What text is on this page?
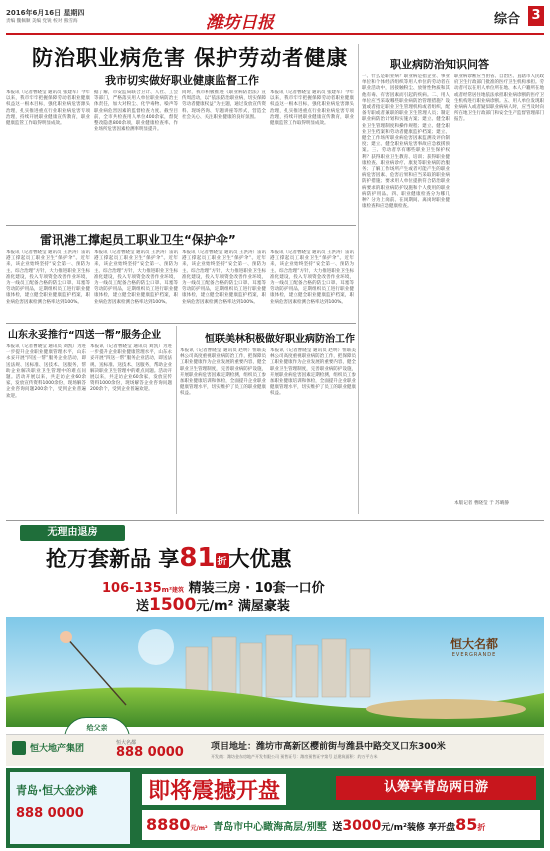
2016年6月16日 星期四
责编 魏佩顺 美编 党锐 校对 熊雪海	潍坊日报	综合 3
防治职业病危害 保护劳动者健康
我市切实做好职业健康监督工作
本报讯（记者曹晓莹 通讯员 张建军）今年以来，我市牢牢把握保障劳动者职业健康权益这一根本目标，强化职业病危害源头治理，扎实推进重点行业职业病危害专项治理，持续开展职业健康宣传教育，职业健康监管工作取得明显成效。
据了解，市安监局联合卫计、人社、工会等部门，严格落实用人单位职业病防治主体责任，加大对粉尘、化学毒物、噪声等职业病危害因素的监督检查力度。截至目前，全市共检查用人单位400余家，督促整改隐患800余项，职业健康检查率、作业场所危害因素检测率明显提升。
同时，我市积极推进《职业病防治法》宣传周活动，以“依法防治职业病，切实保障劳动者健康权益”为主题，通过发放宣传资料、现场咨询、专题讲座等形式，营造全社会关心、关注职业健康的良好氛围。
本报讯（记者曹晓莹 通讯员 张建军）今年以来，我市牢牢把握保障劳动者职业健康权益这一根本目标，强化职业病危害源头治理，扎实推进重点行业职业病危害专项治理，持续开展职业健康宣传教育，职业健康监管工作取得明显成效。
职业病防治知识问答
一、什么是职业病？职业病是指企业、事业单位和个体经济组织等用人单位的劳动者在职业活动中，因接触粉尘、放射性物质和其他有毒、有害因素而引起的疾病。二、用人单位应当采取哪些职业病防治管理措施？设置或者指定职业卫生管理机构或者组织，配备专职或者兼职的职业卫生管理人员；制定职业病防治计划和实施方案；建立、健全职业卫生管理制度和操作规程；建立、健全职业卫生档案和劳动者健康监护档案；建立、健全工作场所职业病危害因素监测及评价制度；建立、健全职业病危害事故应急救援预案。三、劳动者享有哪些职业卫生保护权利？获得职业卫生教育、培训；获得职业健康检查、职业病诊疗、康复等职业病防治服务；了解工作场所产生或者可能产生的职业病危害因素、危害后果和应当采取的职业病防护措施；要求用人单位提供符合防治职业病要求的职业病防护设施和个人使用的职业病防护用品。四、职业健康检查分为哪几种？分为上岗前、在岗期间、离岗时职业健康检查和应急健康检查。
职业病诊断应当由省、自治区、直辖市人民政府卫生行政部门批准的医疗卫生机构承担。劳动者可以在用人单位所在地、本人户籍所在地或者经常居住地依法承担职业病诊断的医疗卫生机构进行职业病诊断。五、用人单位发现职业病病人或者疑似职业病病人时，应当及时向所在地卫生行政部门和安全生产监督管理部门报告。
本版记者 曹晓莹 于 苏晴静
雷讯港工撑起员工职业卫生“保护伞”
本报讯（记者曹晓莹 通讯员 王洪涛）雷讯港工撑起员工职业卫生“保护伞”。近年来，该企业始终坚持“安全第一、预防为主、综合治理”方针，大力推进职业卫生标准化建设，投入专项资金改善作业环境，为一线员工配备合格的防尘口罩、耳塞等劳动防护用品，定期组织员工进行职业健康体检，建立健全职业健康监护档案，职业病危害因素检测合格率达到100%。
本报讯（记者曹晓莹 通讯员 王洪涛）雷讯港工撑起员工职业卫生“保护伞”。近年来，该企业始终坚持“安全第一、预防为主、综合治理”方针，大力推进职业卫生标准化建设，投入专项资金改善作业环境，为一线员工配备合格的防尘口罩、耳塞等劳动防护用品，定期组织员工进行职业健康体检，建立健全职业健康监护档案，职业病危害因素检测合格率达到100%。
本报讯（记者曹晓莹 通讯员 王洪涛）雷讯港工撑起员工职业卫生“保护伞”。近年来，该企业始终坚持“安全第一、预防为主、综合治理”方针，大力推进职业卫生标准化建设，投入专项资金改善作业环境，为一线员工配备合格的防尘口罩、耳塞等劳动防护用品，定期组织员工进行职业健康体检，建立健全职业健康监护档案，职业病危害因素检测合格率达到100%。
本报讯（记者曹晓莹 通讯员 王洪涛）雷讯港工撑起员工职业卫生“保护伞”。近年来，该企业始终坚持“安全第一、预防为主、综合治理”方针，大力推进职业卫生标准化建设，投入专项资金改善作业环境，为一线员工配备合格的防尘口罩、耳塞等劳动防护用品，定期组织员工进行职业健康体检，建立健全职业健康监护档案，职业病危害因素检测合格率达到100%。
山东永妥推行“四送一帮”服务企业
本报讯（记者曹晓莹 通讯员 刘凯）为进一步提升企业职业健康管理水平，山东永妥开展“四送一帮”服务企业活动，即送法规、送标准、送技术、送服务，帮助企业解决职业卫生管理中的难点问题。活动开展以来，共走访企业60余家，发放宣传资料1000余份，现场解答企业咨询问题200余个，受到企业普遍欢迎。
本报讯（记者曹晓莹 通讯员 刘凯）为进一步提升企业职业健康管理水平，山东永妥开展“四送一帮”服务企业活动，即送法规、送标准、送技术、送服务，帮助企业解决职业卫生管理中的难点问题。活动开展以来，共走访企业60余家，发放宣传资料1000余份，现场解答企业咨询问题200余个，受到企业普遍欢迎。
恒联美林积极做好职业病防治工作
本报讯（记者曹晓莹 通讯员 赵明）恒联美林公司高度重视职业病防治工作，把保障员工职业健康作为企业发展的重要内容，健全职业卫生管理制度，完善职业病防护设施，开展职业病危害因素定期检测，组织员工参加职业健康培训和体检，全面提升企业职业健康管理水平，切实维护了员工的职业健康权益。
本报讯（记者曹晓莹 通讯员 赵明）恒联美林公司高度重视职业病防治工作，把保障员工职业健康作为企业发展的重要内容，健全职业卫生管理制度，完善职业病防护设施，开展职业病危害因素定期检测，组织员工参加职业健康培训和体检，全面提升企业职业健康管理水平，切实维护了员工的职业健康权益。
无理由退房
抢万套新品 享81 折大优惠
106-135m²建筑 精装三房 · 10套一口价
送1500元/m² 满屋豪装
恒大名都
EVERGRANDE
给父亲
恒大地产集团
恒大名都
888 0000	项目地址：潍坊市高新区樱前街与潍县中路交叉口东300米
开发商：潍坊金东房地产开发有限公司 预售证号：潍房预售证字第号 总建筑面积：约万平方米
青岛·恒大金沙滩
888 0000
即将震撼开盘	认筹享青岛两日游
8880元/m² 青岛市中心瞰海高层/别墅 送3000元/m²装修 享开盘85折
